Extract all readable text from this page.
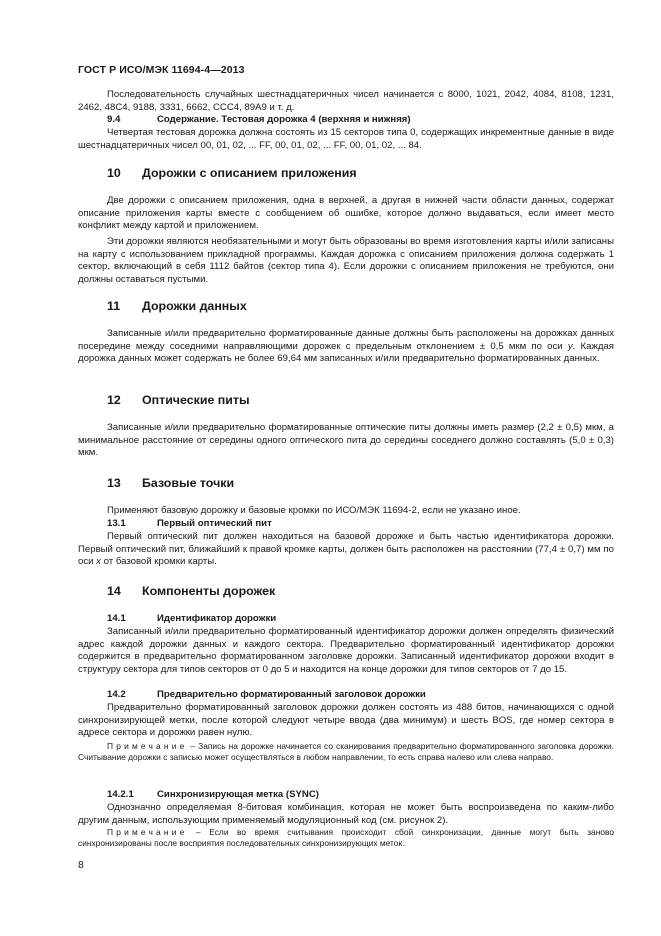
ГОСТ Р ИСО/МЭК 11694-4—2013
Последовательность случайных шестнадцатеричных чисел начинается с 8000, 1021, 2042, 4084, 8108, 1231, 2462, 48C4, 9188, 3331, 6662, CCC4, 89A9 и т. д.
9.4	Содержание. Тестовая дорожка 4 (верхняя и нижняя)
Четвертая тестовая дорожка должна состоять из 15 секторов типа 0, содержащих инкрементные данные в виде шестнадцатеричных чисел 00, 01, 02, ... FF, 00, 01, 02, ... FF, 00, 01, 02, ... 84.
10 Дорожки с описанием приложения
Две дорожки с описанием приложения, одна в верхней, а другая в нижней части области данных, содержат описание приложения карты вместе с сообщением об ошибке, которое должно выдаваться, если имеет место конфликт между картой и приложением.
Эти дорожки являются необязательными и могут быть образованы во время изготовления карты и/или записаны на карту с использованием прикладной программы. Каждая дорожка с описанием приложения должна содержать 1 сектор, включающий в себя 1112 байтов (сектор типа 4). Если дорожки с описанием приложения не требуются, они должны оставаться пустыми.
11 Дорожки данных
Записанные и/или предварительно форматированные данные должны быть расположены на дорожках данных посередине между соседними направляющими дорожек с предельным отклонением ± 0,5 мкм по оси y. Каждая дорожка данных может содержать не более 69,64 мм записанных и/или предварительно форматированных данных.
12 Оптические питы
Записанные и/или предварительно форматированные оптические питы должны иметь размер (2,2 ± 0,5) мкм, а минимальное расстояние от середины одного оптического пита до середины соседнего должно составлять (5,0 ± 0,3) мкм.
13 Базовые точки
Применяют базовую дорожку и базовые кромки по ИСО/МЭК 11694-2, если не указано иное.
13.1	Первый оптический пит
Первый оптический пит должен находиться на базовой дорожке и быть частью идентификатора дорожки. Первый оптический пит, ближайший к правой кромке карты, должен быть расположен на расстоянии (77,4 ± 0,7) мм по оси x от базовой кромки карты.
14 Компоненты дорожек
14.1	Идентификатор дорожки
Записанный и/или предварительно форматированный идентификатор дорожки должен определять физический адрес каждой дорожки данных и каждого сектора. Предварительно форматированный идентификатор дорожки содержится в предварительно форматированном заголовке дорожки. Записанный идентификатор дорожки входит в структуру сектора для типов секторов от 0 до 5 и находится на конце дорожки для типов секторов от 7 до 15.
14.2	Предварительно форматированный заголовок дорожки
Предварительно форматированный заголовок дорожки должен состоять из 488 битов, начинающихся с одной синхронизирующей метки, после которой следуют четыре ввода (два минимум) и шесть BOS, где номер сектора в адресе сектора и дорожки равен нулю.
Примечание – Запись на дорожке начинается со сканирования предварительно форматированного заголовка дорожки. Считывание дорожки с записью может осуществляться в любом направлении, то есть справа налево или слева направо.
14.2.1 Синхронизирующая метка (SYNC)
Однозначно определяемая 8-битовая комбинация, которая не может быть воспроизведена по каким-либо другим данным, использующим применяемый модуляционный код (см. рисунок 2).
Примечание – Если во время считывания происходит сбой синхронизации, данные могут быть заново синхронизированы после восприятия последовательных синхронизирующих меток.
8
